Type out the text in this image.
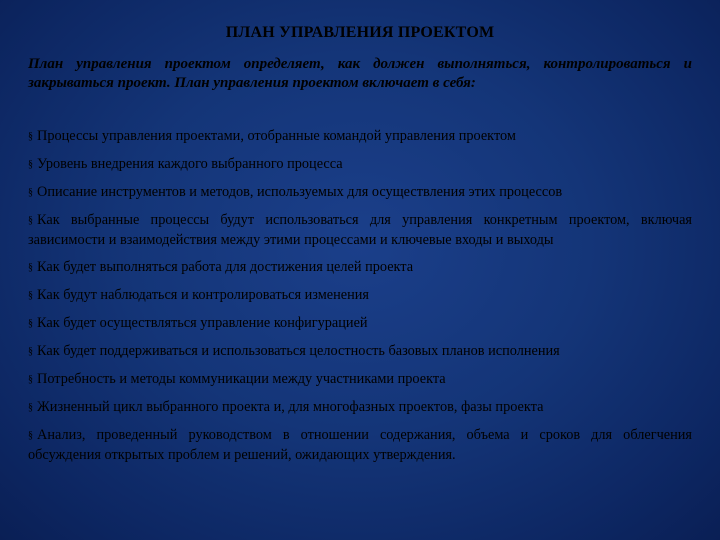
ПЛАН УПРАВЛЕНИЯ ПРОЕКТОМ
План управления проектом определяет, как должен выполняться, контролироваться и закрываться проект. План управления проектом включает в себя:
§ Процессы управления проектами, отобранные командой управления проектом
§ Уровень внедрения каждого выбранного процесса
§ Описание инструментов и методов, используемых для осуществления этих процессов
§ Как выбранные процессы будут использоваться для управления конкретным проектом, включая зависимости и взаимодействия между этими процессами и ключевые входы и выходы
§ Как будет выполняться работа для достижения целей проекта
§ Как будут наблюдаться и контролироваться изменения
§ Как будет осуществляться управление конфигурацией
§ Как будет поддерживаться и использоваться целостность базовых планов исполнения
§ Потребность и методы коммуникации между участниками проекта
§ Жизненный цикл выбранного проекта и, для многофазных проектов, фазы проекта
§ Анализ, проведенный руководством в отношении содержания, объема и сроков для облегчения обсуждения открытых проблем и решений, ожидающих утверждения.
